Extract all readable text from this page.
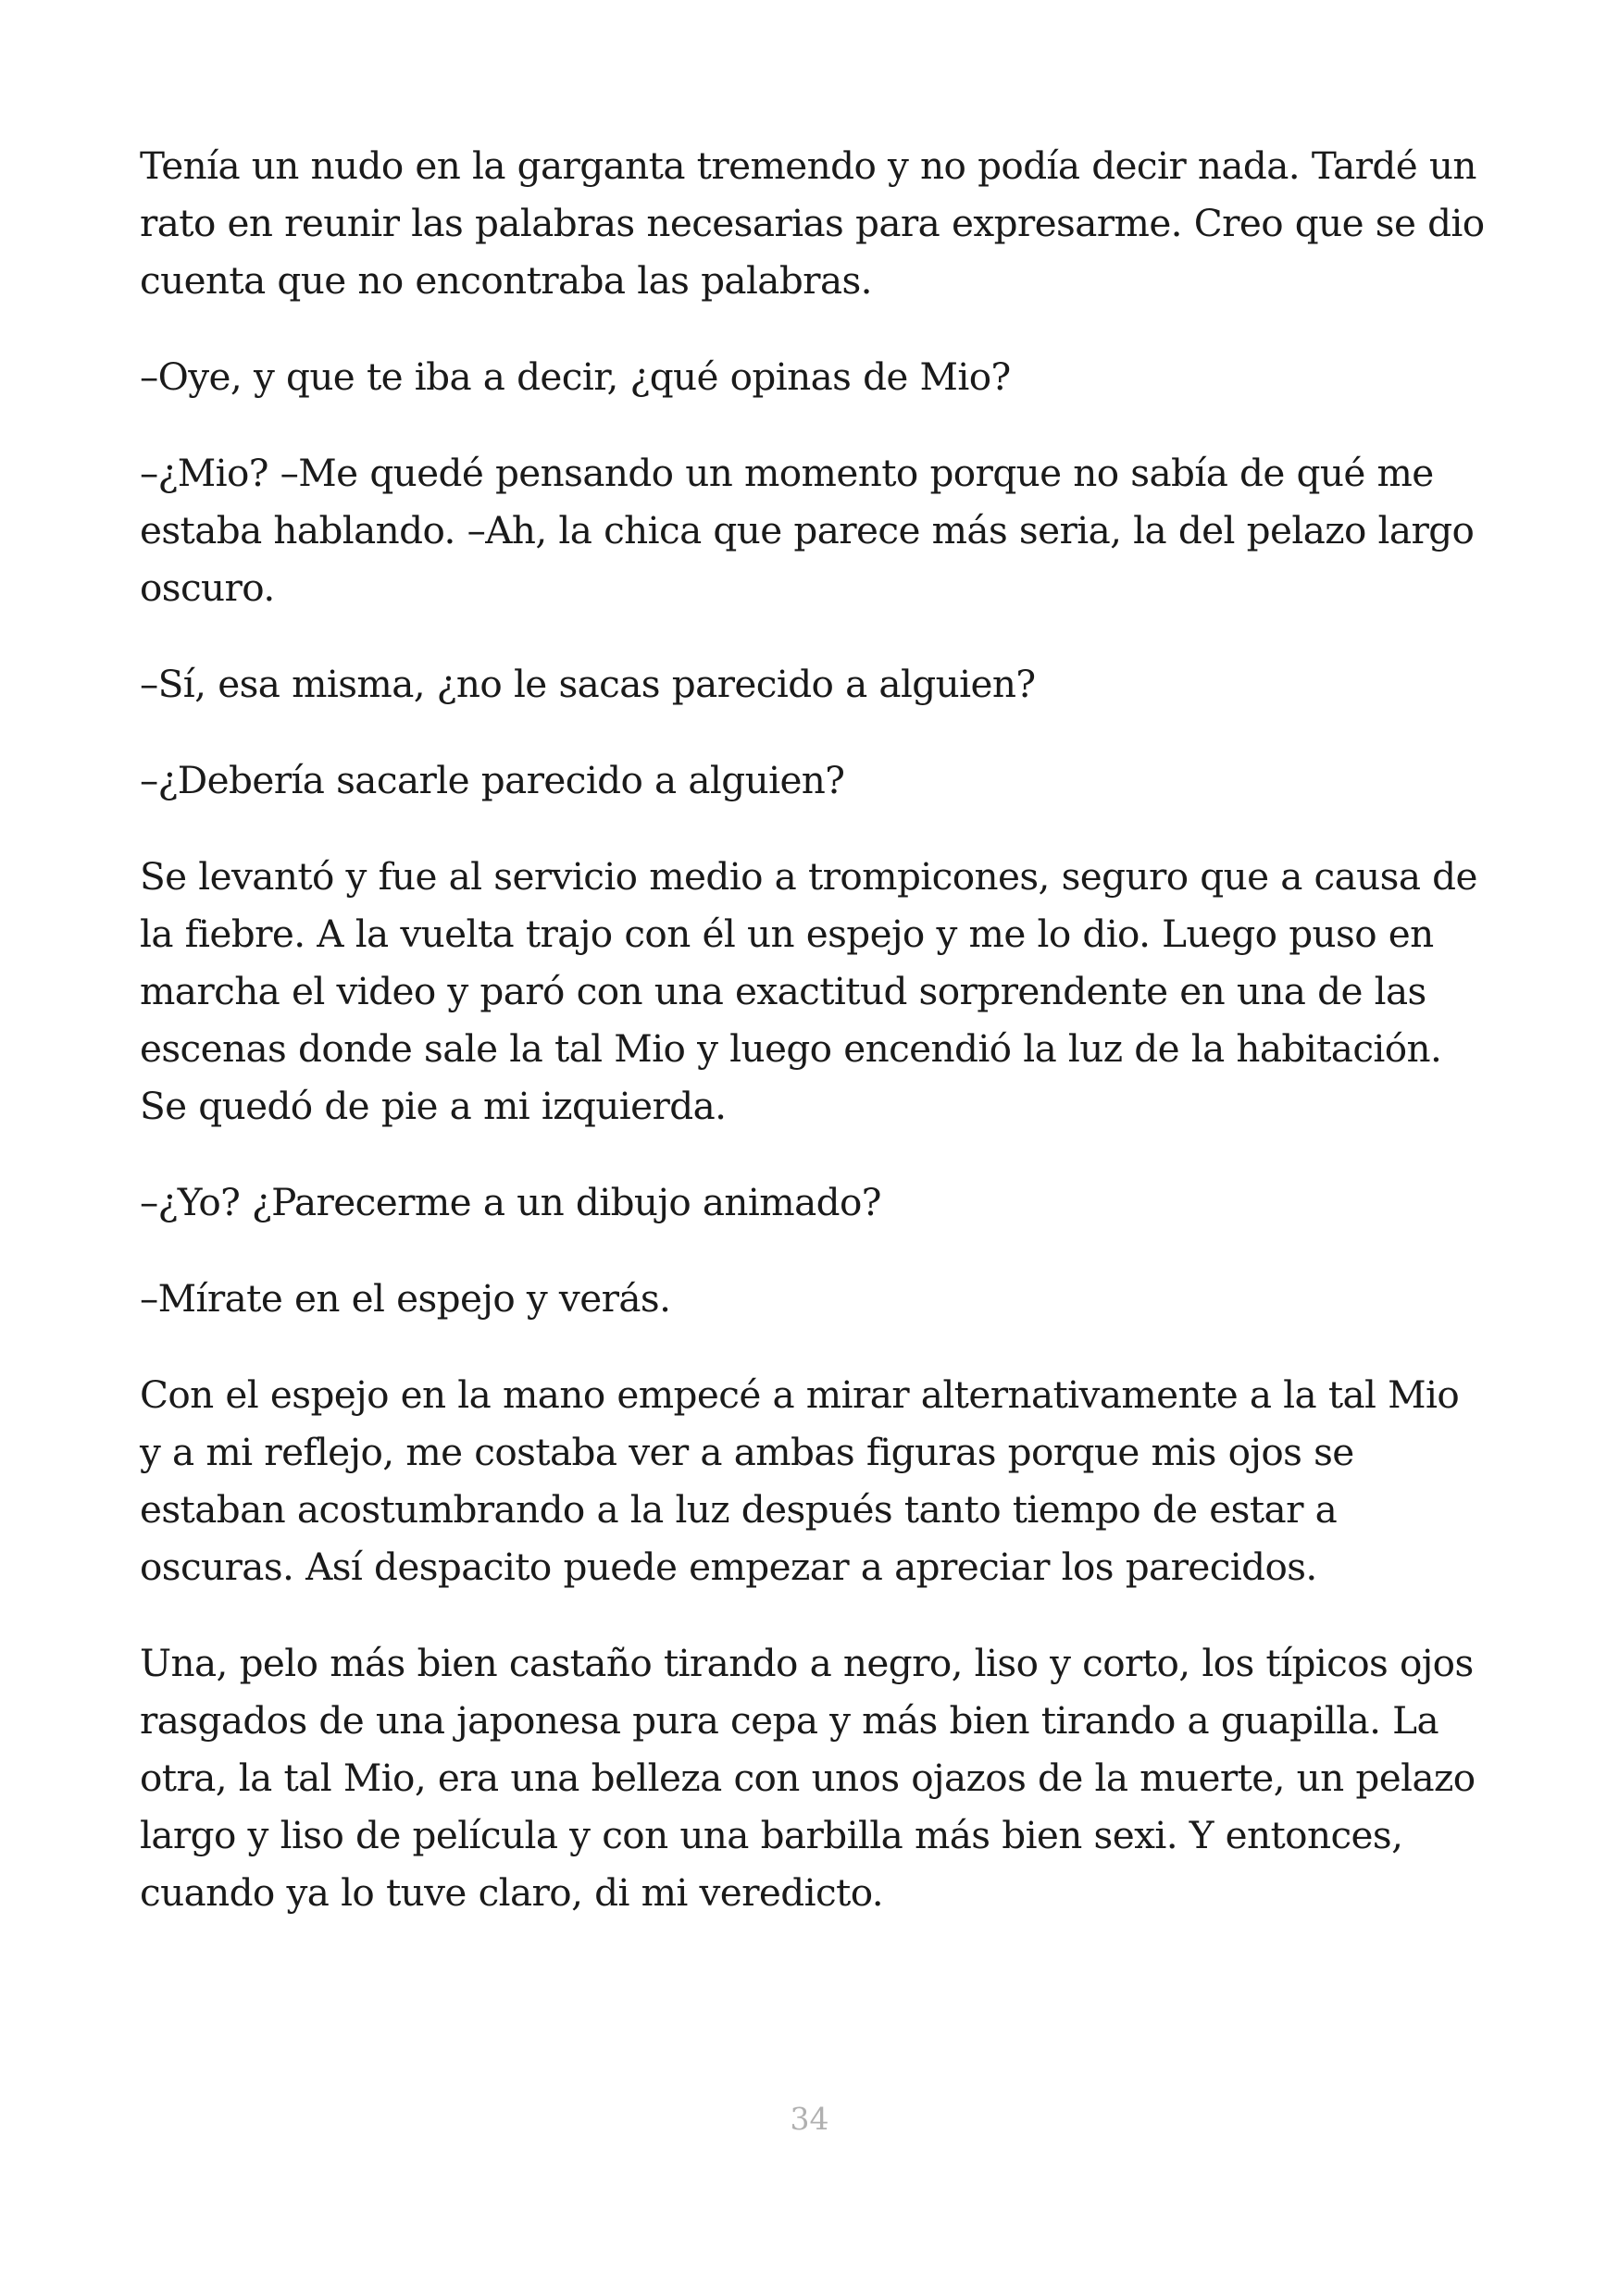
Tenía un nudo en la garganta tremendo y no podía decir nada. Tardé un rato en reunir las palabras necesarias para expresarme. Creo que se dio cuenta que no encontraba las palabras.

–Oye, y que te iba a decir, ¿qué opinas de Mio?

–¿Mio? –Me quedé pensando un momento porque no sabía de qué me estaba hablando. –Ah, la chica que parece más seria, la del pelazo largo oscuro.

–Sí, esa misma, ¿no le sacas parecido a alguien?

–¿Debería sacarle parecido a alguien?

Se levantó y fue al servicio medio a trompicones, seguro que a causa de la fiebre. A la vuelta trajo con él un espejo y me lo dio. Luego puso en marcha el video y paró con una exactitud sorprendente en una de las escenas donde sale la tal Mio y luego encendió la luz de la habitación. Se quedó de pie a mi izquierda.

–¿Yo? ¿Parecerme a un dibujo animado?

–Mírate en el espejo y verás.

Con el espejo en la mano empecé a mirar alternativamente a la tal Mio y a mi reflejo, me costaba ver a ambas figuras porque mis ojos se estaban acostumbrando a la luz después tanto tiempo de estar a oscuras. Así despacito puede empezar a apreciar los parecidos.

Una, pelo más bien castaño tirando a negro, liso y corto, los típicos ojos rasgados de una japonesa pura cepa y más bien tirando a guapilla. La otra, la tal Mio, era una belleza con unos ojazos de la muerte, un pelazo largo y liso de película y con una barbilla más bien sexi. Y entonces, cuando ya lo tuve claro, di mi veredicto.

34
